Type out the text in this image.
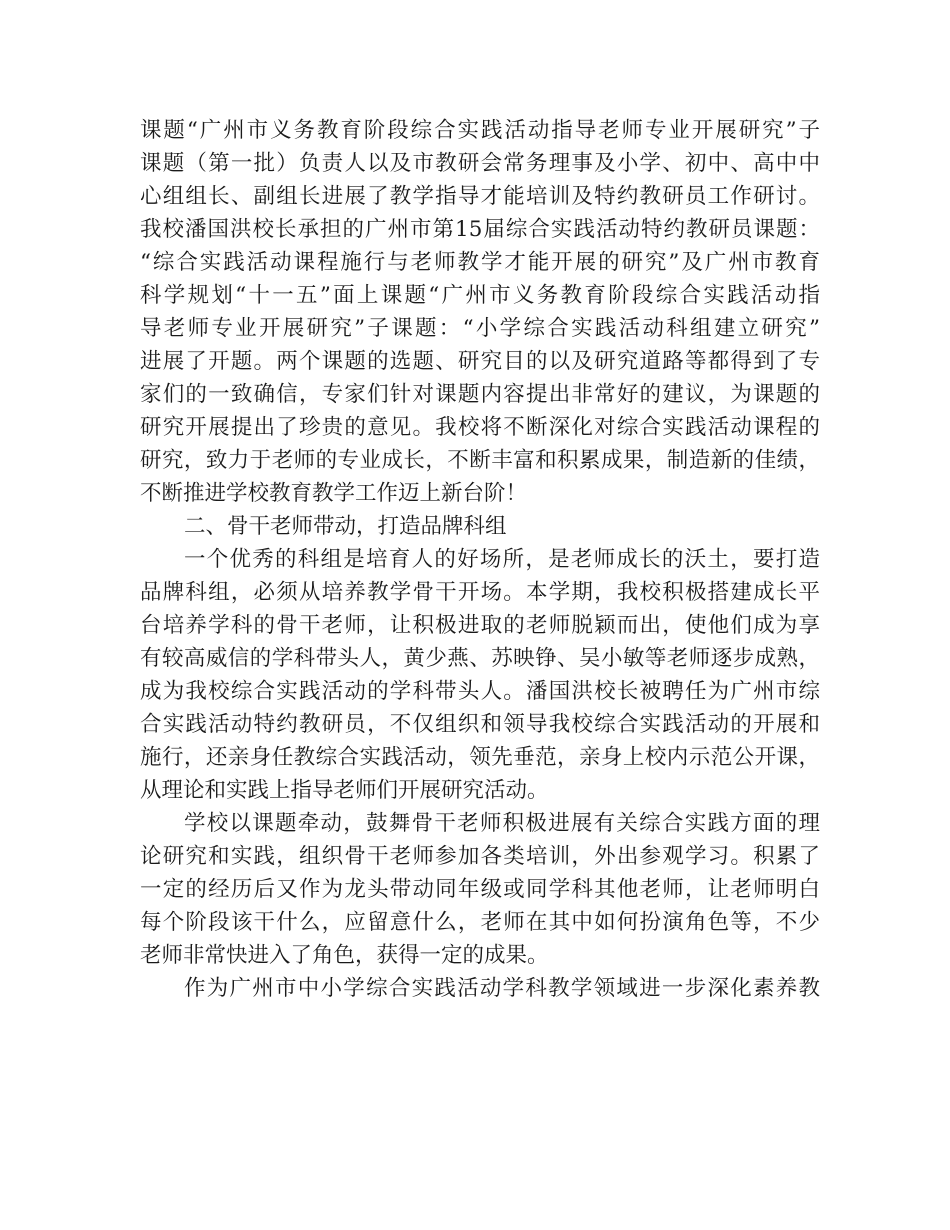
课题“广州市义务教育阶段综合实践活动指导老师专业开展研究”子
课题（第一批）负责人以及市教研会常务理事及小学、初中、高中中
心组组长、副组长进展了教学指导才能培训及特约教研员工作研讨。
我校潘国洪校长承担的广州市第15届综合实践活动特约教研员课题：
“综合实践活动课程施行与老师教学才能开展的研究”及广州市教育
科学规划“十一五”面上课题“广州市义务教育阶段综合实践活动指
导老师专业开展研究”子课题：“小学综合实践活动科组建立研究”
进展了开题。两个课题的选题、研究目的以及研究道路等都得到了专
家们的一致确信，专家们针对课题内容提出非常好的建议，为课题的
研究开展提出了珍贵的意见。我校将不断深化对综合实践活动课程的
研究，致力于老师的专业成长，不断丰富和积累成果，制造新的佳绩，
不断推进学校教育教学工作迈上新台阶！
二、骨干老师带动，打造品牌科组
一个优秀的科组是培育人的好场所，是老师成长的沃土，要打造
品牌科组，必须从培养教学骨干开场。本学期，我校积极搭建成长平
台培养学科的骨干老师，让积极进取的老师脱颖而出，使他们成为享
有较高威信的学科带头人，黄少燕、苏映铮、吴小敏等老师逐步成熟，
成为我校综合实践活动的学科带头人。潘国洪校长被聘任为广州市综
合实践活动特约教研员，不仅组织和领导我校综合实践活动的开展和
施行，还亲身任教综合实践活动，领先垂范，亲身上校内示范公开课，
从理论和实践上指导老师们开展研究活动。
学校以课题牵动，鼓舞骨干老师积极进展有关综合实践方面的理
论研究和实践，组织骨干老师参加各类培训，外出参观学习。积累了
一定的经历后又作为龙头带动同年级或同学科其他老师，让老师明白
每个阶段该干什么，应留意什么，老师在其中如何扮演角色等，不少
老师非常快进入了角色，获得一定的成果。
作为广州市中小学综合实践活动学科教学领域进一步深化素养教
